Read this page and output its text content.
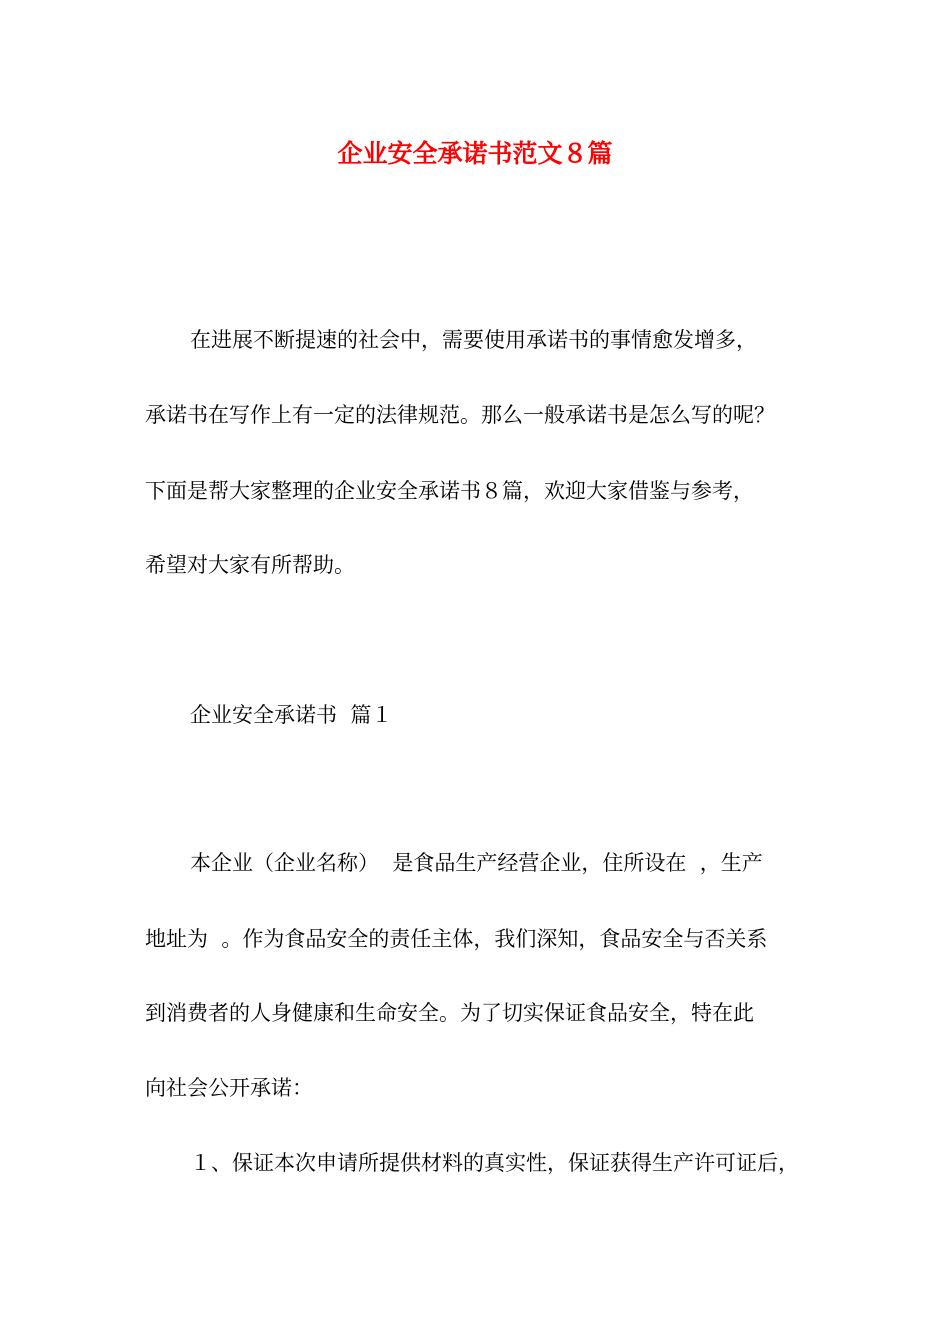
企业安全承诺书范文８篇
在进展不断提速的社会中，需要使用承诺书的事情愈发增多，
承诺书在写作上有一定的法律规范。那么一般承诺书是怎么写的呢？
下面是帮大家整理的企业安全承诺书８篇，欢迎大家借鉴与参考，
希望对大家有所帮助。
企业安全承诺书  篇１
本企业（企业名称）  是食品生产经营企业，住所设在  ，生产
地址为  。作为食品安全的责任主体，我们深知，食品安全与否关系
到消费者的人身健康和生命安全。为了切实保证食品安全，特在此
向社会公开承诺：
１、保证本次申请所提供材料的真实性，保证获得生产许可证后，
